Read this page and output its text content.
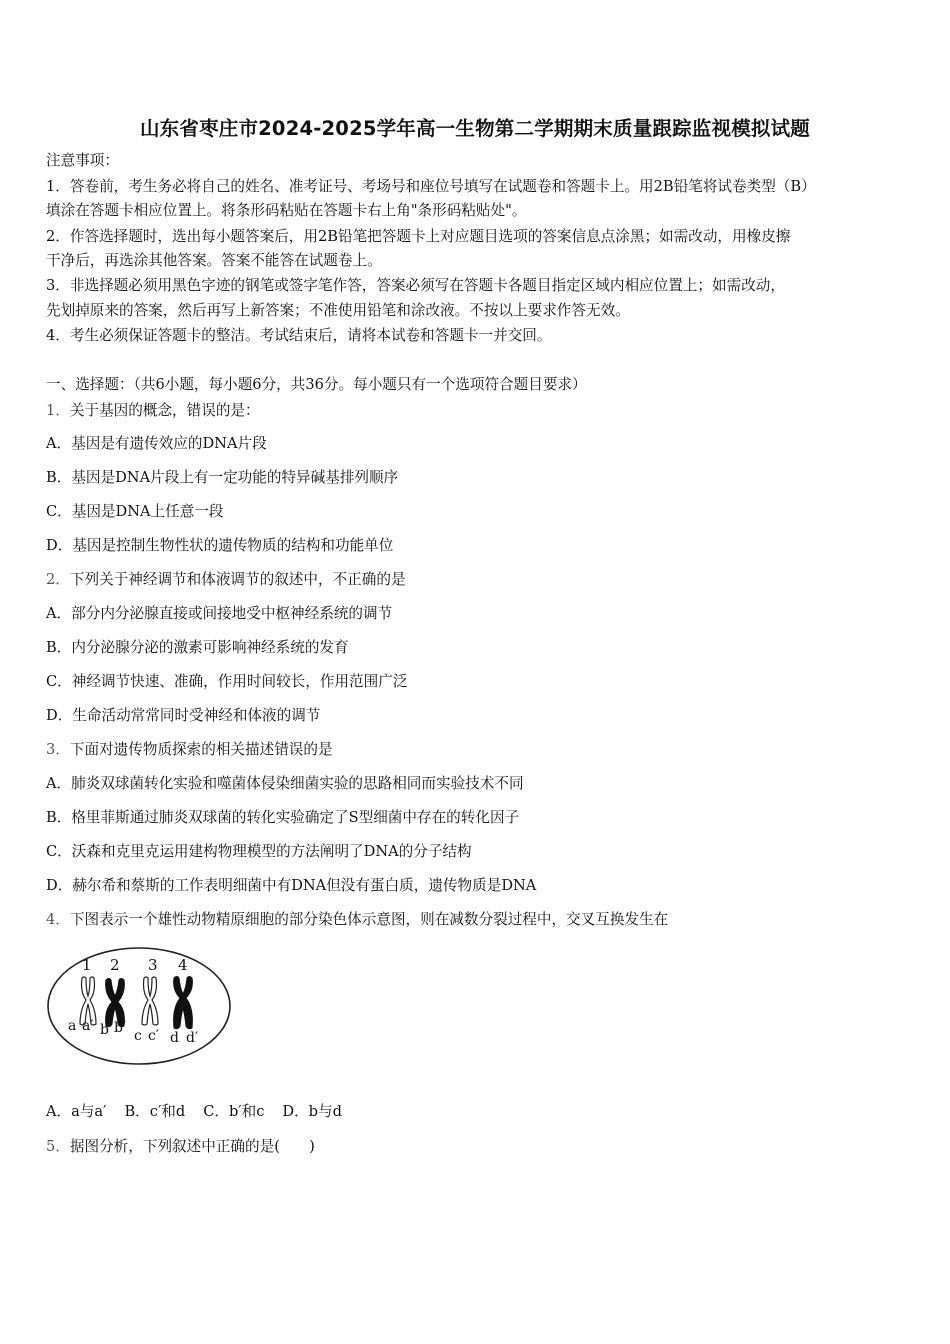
山东省枣庄市2024-2025学年高一生物第二学期期末质量跟踪监视模拟试题
注意事项：
1．答卷前，考生务必将自己的姓名、准考证号、考场号和座位号填写在试题卷和答题卡上。用2B铅笔将试卷类型（B）
填涂在答题卡相应位置上。将条形码粘贴在答题卡右上角"条形码粘贴处"。
2．作答选择题时，选出每小题答案后，用2B铅笔把答题卡上对应题目选项的答案信息点涂黑；如需改动，用橡皮擦
干净后，再选涂其他答案。答案不能答在试题卷上。
3．非选择题必须用黑色字迹的钢笔或签字笔作答，答案必须写在答题卡各题目指定区域内相应位置上；如需改动，
先划掉原来的答案，然后再写上新答案；不准使用铅笔和涂改液。不按以上要求作答无效。
4．考生必须保证答题卡的整洁。考试结束后，请将本试卷和答题卡一并交回。
一、选择题：（共6小题，每小题6分，共36分。每小题只有一个选项符合题目要求）
1．关于基因的概念，错误的是：
A．基因是有遗传效应的DNA片段
B．基因是DNA片段上有一定功能的特异碱基排列顺序
C．基因是DNA上任意一段
D．基因是控制生物性状的遗传物质的结构和功能单位
2．下列关于神经调节和体液调节的叙述中，不正确的是
A．部分内分泌腺直接或间接地受中枢神经系统的调节
B．内分泌腺分泌的激素可影响神经系统的发育
C．神经调节快速、准确，作用时间较长，作用范围广泛
D．生命活动常常同时受神经和体液的调节
3．下面对遗传物质探索的相关描述错误的是
A．肺炎双球菌转化实验和噬菌体侵染细菌实验的思路相同而实验技术不同
B．格里菲斯通过肺炎双球菌的转化实验确定了S型细菌中存在的转化因子
C．沃森和克里克运用建构物理模型的方法阐明了DNA的分子结构
D．赫尔希和蔡斯的工作表明细菌中有DNA但没有蛋白质，遗传物质是DNA
4．下图表示一个雄性动物精原细胞的部分染色体示意图，则在减数分裂过程中，交叉互换发生在
1 2 3 4
a a′ b b′ c c′ d d′
A．a与a′ B．c′和d C．b′和c D．b与d
5．据图分析，下列叙述中正确的是(　　)
